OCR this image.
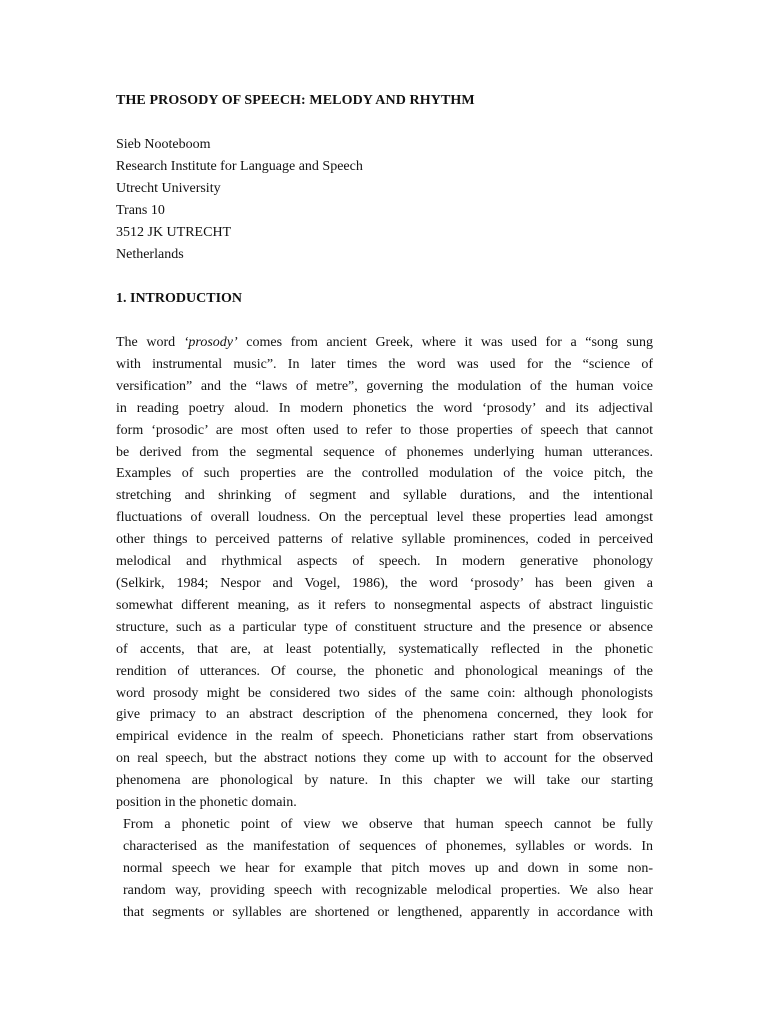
THE PROSODY OF SPEECH: MELODY AND RHYTHM
Sieb Nooteboom
Research Institute for Language and Speech
Utrecht University
Trans 10
3512 JK UTRECHT
Netherlands
1. INTRODUCTION
The word ‘prosody’ comes from ancient Greek, where it was used for a “song sung
with instrumental music”. In later times the word was used for the “science of
versification” and the “laws of metre”, governing the modulation of the human voice
in reading poetry aloud. In modern phonetics the word ‘prosody’ and its adjectival
form ‘prosodic’ are most often used to refer to those properties of speech that cannot
be derived from the segmental sequence of phonemes underlying human utterances.
Examples of such properties are the controlled modulation of the voice pitch, the
stretching and shrinking of segment and syllable durations, and the intentional
fluctuations of overall loudness. On the perceptual level these properties lead amongst
other things to perceived patterns of relative syllable prominences, coded in perceived
melodical and rhythmical aspects of speech. In modern generative phonology
(Selkirk, 1984; Nespor and Vogel, 1986), the word ‘prosody’ has been given a
somewhat different meaning, as it refers to nonsegmental aspects of abstract linguistic
structure, such as a particular type of constituent structure and the presence or absence
of accents, that are, at least potentially, systematically reflected in the phonetic
rendition of utterances. Of course, the phonetic and phonological meanings of the
word prosody might be considered two sides of the same coin: although phonologists
give primacy to an abstract description of the phenomena concerned, they look for
empirical evidence in the realm of speech. Phoneticians rather start from observations
on real speech, but the abstract notions they come up with to account for the observed
phenomena are phonological by nature. In this chapter we will take our starting
position in the phonetic domain.
From a phonetic point of view we observe that human speech cannot be fully
characterised as the manifestation of sequences of phonemes, syllables or words. In
normal speech we hear for example that pitch moves up and down in some non-
random way, providing speech with recognizable melodical properties. We also hear
that segments or syllables are shortened or lengthened, apparently in accordance with
